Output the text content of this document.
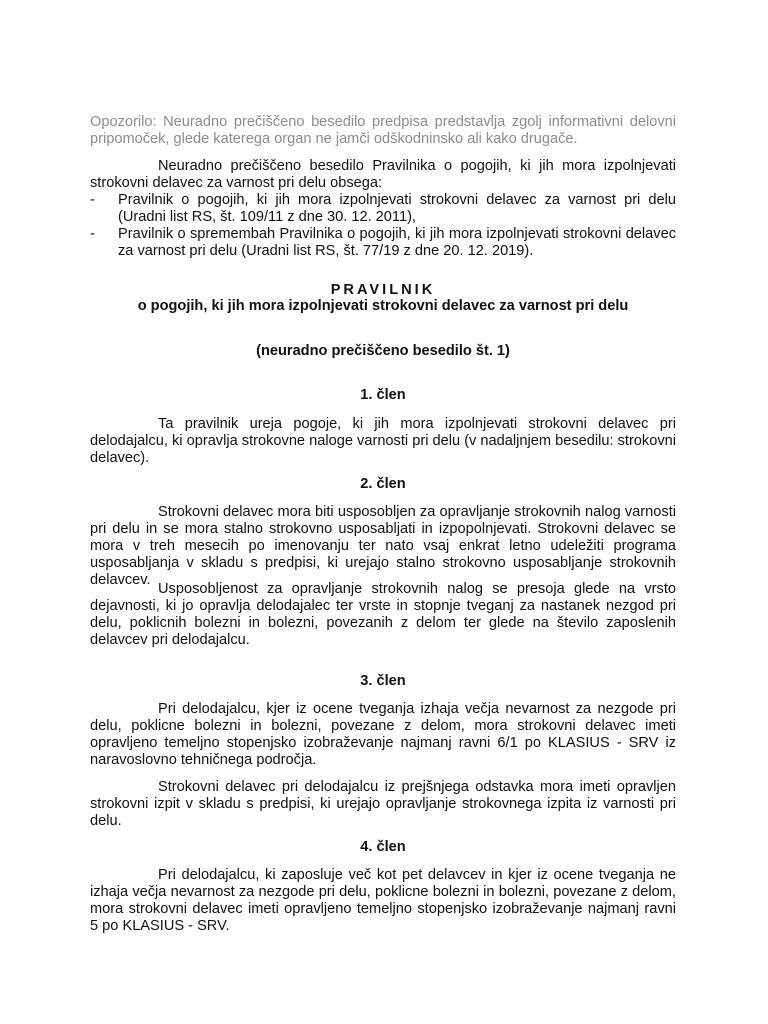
Opozorilo: Neuradno prečiščeno besedilo predpisa predstavlja zgolj informativni delovni pripomoček, glede katerega organ ne jamči odškodninsko ali kako drugače.

Neuradno prečiščeno besedilo Pravilnika o pogojih, ki jih mora izpolnjevati strokovni delavec za varnost pri delu obsega:

- Pravilnik o pogojih, ki jih mora izpolnjevati strokovni delavec za varnost pri delu (Uradni list RS, št. 109/11 z dne 30. 12. 2011),
- Pravilnik o spremembah Pravilnika o pogojih, ki jih mora izpolnjevati strokovni delavec za varnost pri delu (Uradni list RS, št. 77/19 z dne 20. 12. 2019).

PRAVILNIK

o pogojih, ki jih mora izpolnjevati strokovni delavec za varnost pri delu

(neuradno prečiščeno besedilo št. 1)

1. člen

Ta pravilnik ureja pogoje, ki jih mora izpolnjevati strokovni delavec pri delodajalcu, ki opravlja strokovne naloge varnosti pri delu (v nadaljnjem besedilu: strokovni delavec).

2. člen

Strokovni delavec mora biti usposobljen za opravljanje strokovnih nalog varnosti pri delu in se mora stalno strokovno usposabljati in izpopolnjevati. Strokovni delavec se mora v treh mesecih po imenovanju ter nato vsaj enkrat letno udeležiti programa usposabljanja v skladu s predpisi, ki urejajo stalno strokovno usposabljanje strokovnih delavcev.

Usposobljenost za opravljanje strokovnih nalog se presoja glede na vrsto dejavnosti, ki jo opravlja delodajalec ter vrste in stopnje tveganj za nastanek nezgod pri delu, poklicnih bolezni in bolezni, povezanih z delom ter glede na število zaposlenih delavcev pri delodajalcu.

3. člen

Pri delodajalcu, kjer iz ocene tveganja izhaja večja nevarnost za nezgode pri delu, poklicne bolezni in bolezni, povezane z delom, mora strokovni delavec imeti opravljeno temeljno stopenjsko izobraževanje najmanj ravni 6/1 po KLASIUS - SRV iz naravoslovno tehničnega področja.

Strokovni delavec pri delodajalcu iz prejšnjega odstavka mora imeti opravljen strokovni izpit v skladu s predpisi, ki urejajo opravljanje strokovnega izpita iz varnosti pri delu.

4. člen

Pri delodajalcu, ki zaposluje več kot pet delavcev in kjer iz ocene tveganja ne izhaja večja nevarnost za nezgode pri delu, poklicne bolezni in bolezni, povezane z delom, mora strokovni delavec imeti opravljeno temeljno stopenjsko izobraževanje najmanj ravni 5 po KLASIUS - SRV.
